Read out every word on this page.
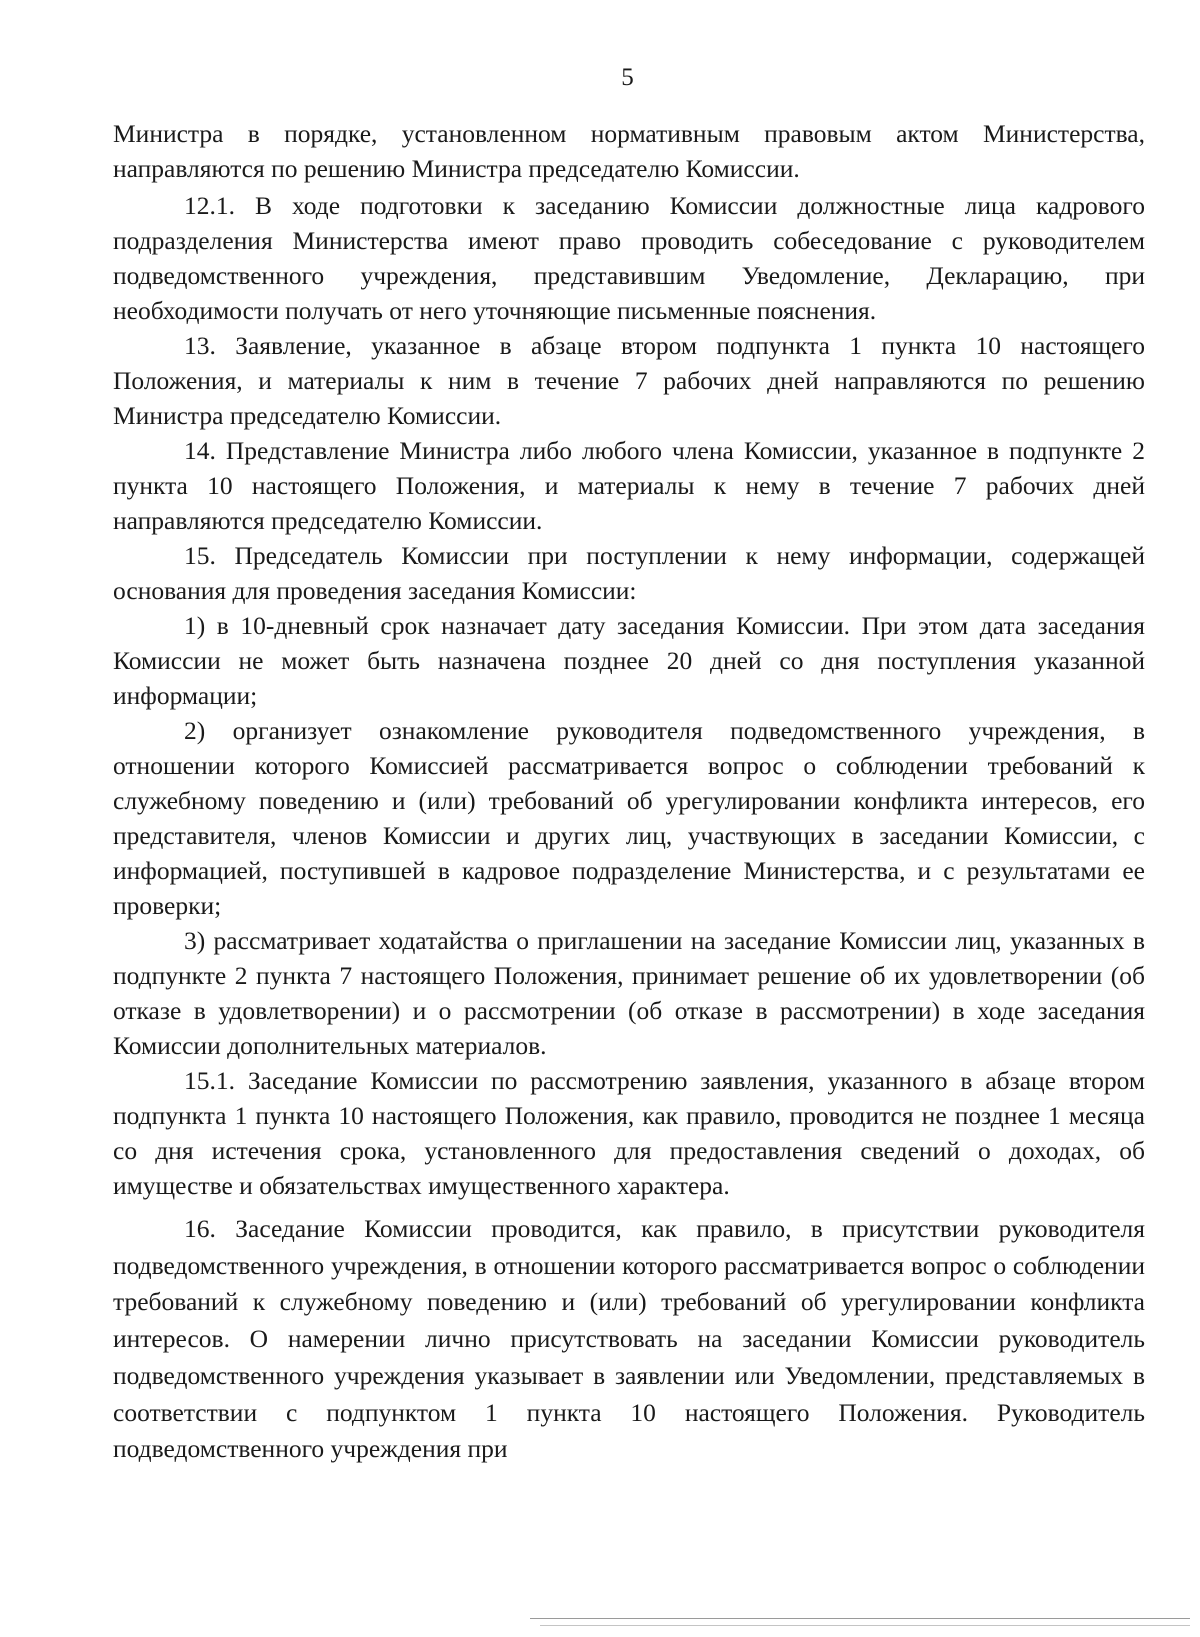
5

Министра в порядке, установленном нормативным правовым актом Министерства, направляются по решению Министра председателю Комиссии.

12.1. В ходе подготовки к заседанию Комиссии должностные лица кадрового подразделения Министерства имеют право проводить собеседование с руководителем подведомственного учреждения, представившим Уведомление, Декларацию, при необходимости получать от него уточняющие письменные пояснения.

13. Заявление, указанное в абзаце втором подпункта 1 пункта 10 настоящего Положения, и материалы к ним в течение 7 рабочих дней направляются по решению Министра председателю Комиссии.

14. Представление Министра либо любого члена Комиссии, указанное в подпункте 2 пункта 10 настоящего Положения, и материалы к нему в течение 7 рабочих дней направляются председателю Комиссии.

15. Председатель Комиссии при поступлении к нему информации, содержащей основания для проведения заседания Комиссии:

1) в 10-дневный срок назначает дату заседания Комиссии. При этом дата заседания Комиссии не может быть назначена позднее 20 дней со дня поступления указанной информации;

2) организует ознакомление руководителя подведомственного учреждения, в отношении которого Комиссией рассматривается вопрос о соблюдении требований к служебному поведению и (или) требований об урегулировании конфликта интересов, его представителя, членов Комиссии и других лиц, участвующих в заседании Комиссии, с информацией, поступившей в кадровое подразделение Министерства, и с результатами ее проверки;

3) рассматривает ходатайства о приглашении на заседание Комиссии лиц, указанных в подпункте 2 пункта 7 настоящего Положения, принимает решение об их удовлетворении (об отказе в удовлетворении) и о рассмотрении (об отказе в рассмотрении) в ходе заседания Комиссии дополнительных материалов.

15.1. Заседание Комиссии по рассмотрению заявления, указанного в абзаце втором подпункта 1 пункта 10 настоящего Положения, как правило, проводится не позднее 1 месяца со дня истечения срока, установленного для предоставления сведений о доходах, об имуществе и обязательствах имущественного характера.

16. Заседание Комиссии проводится, как правило, в присутствии руководителя подведомственного учреждения, в отношении которого рассматривается вопрос о соблюдении требований к служебному поведению и (или) требований об урегулировании конфликта интересов. О намерении лично присутствовать на заседании Комиссии руководитель подведомственного учреждения указывает в заявлении или Уведомлении, представляемых в соответствии с подпунктом 1 пункта 10 настоящего Положения. Руководитель подведомственного учреждения при
